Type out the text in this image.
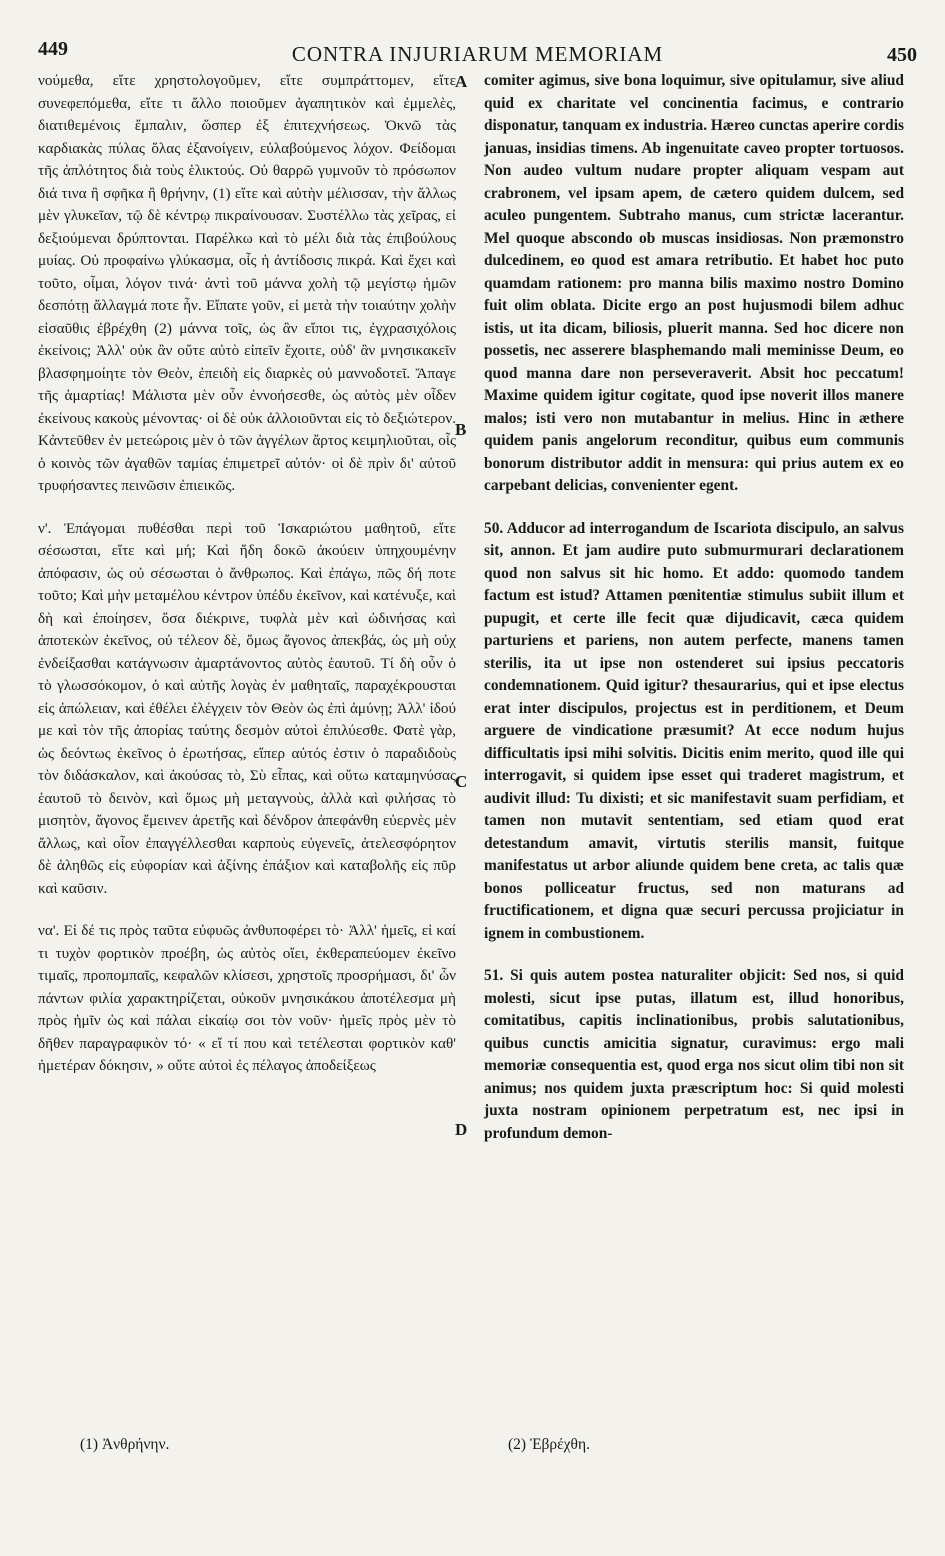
449	CONTRA INJURIARUM MEMORIAM	450

νούμεθα, εἴτε χρηστολογοῦμεν, εἴτε συμπράττομεν, εἴτε συνεφεπόμεθα, εἴτε τι ἄλλο ποιοῦμεν ἀγαπητικὸν καὶ ἐμμελὲς, διατιθεμένοις ἔμπαλιν, ὥσπερ ἐξ ἐπιτεχνήσεως. Ὀκνῶ τὰς καρδιακὰς πύλας ὅλας ἐξανοίγειν, εὐλαβούμενος λόχον. Φείδομαι τῆς ἁπλότητος διὰ τοὺς ἑλικτούς. Οὐ θαρρῶ γυμνοῦν τὸ πρόσωπον διά τινα ἢ σφῆκα ἢ θρήνην, (1) εἴτε καὶ αὐτὴν μέλισσαν, τὴν ἄλλως μὲν γλυκεῖαν, τῷ δὲ κέντρῳ πικραίνουσαν. Συστέλλω τὰς χεῖρας, εἰ δεξιούμεναι δρύπτονται. Παρέλκω καὶ τὸ μέλι διὰ τὰς ἐπιβούλους μυίας. Οὐ προφαίνω γλύκασμα, οἷς ἡ ἀντίδοσις πικρά. Καὶ ἔχει καὶ τοῦτο, οἶμαι, λόγον τινά· ἀντὶ τοῦ μάννα χολὴ τῷ μεγίστῳ ἡμῶν δεσπότῃ ἄλλαγμά ποτε ἦν. Εἴπατε γοῦν, εἰ μετὰ τὴν τοιαύτην χολὴν εἰσαῦθις ἐβρέχθη (2) μάννα τοῖς, ὡς ἂν εἴποι τις, ἐγχρασιχόλοις ἐκείνοις; Ἀλλ' οὐκ ἂν οὔτε αὐτὸ εἰπεῖν ἔχοιτε, οὐδ' ἂν μνησικακεῖν βλασφημοίητε τὸν Θεὸν, ἐπειδὴ εἰς διαρκὲς οὐ μαννοδοτεῖ. Ἄπαγε τῆς ἁμαρτίας! Μάλιστα μὲν οὖν ἐννοήσεσθε, ὡς αὐτὸς μὲν οἶδεν ἐκείνους κακοὺς μένοντας· οἱ δὲ οὐκ ἀλλοιοῦνται εἰς τὸ δεξιώτερον. Κἀντεῦθεν ἐν μετεώροις μὲν ὁ τῶν ἀγγέλων ἄρτος κειμηλιοῦται, οἷς ὁ κοινὸς τῶν ἀγαθῶν ταμίας ἐπιμετρεῖ αὐτόν· οἱ δὲ πρὶν δι' αὐτοῦ τρυφήσαντες πεινῶσιν ἐπιεικῶς.

ν'. Ἐπάγομαι πυθέσθαι περὶ τοῦ Ἰσκαριώτου μαθητοῦ, εἴτε σέσωσται, εἴτε καὶ μή; Καὶ ἤδη δοκῶ ἀκούειν ὑπηχουμένην ἀπόφασιν, ὡς οὐ σέσωσται ὁ ἄνθρωπος. Καὶ ἐπάγω, πῶς δή ποτε τοῦτο; Καὶ μὴν μεταμέλου κέντρον ὑπέδυ ἐκεῖνον, καὶ κατένυξε, καὶ δὴ καὶ ἐποίησεν, ὅσα διέκρινε, τυφλὰ μὲν καὶ ὠδινήσας καὶ ἀποτεκὼν ἐκεῖνος, οὐ τέλεον δὲ, ὅμως ἄγονος ἀπεκβάς, ὡς μὴ οὐχ ἐνδείξασθαι κατάγνωσιν ἁμαρτάνοντος αὐτὸς ἑαυτοῦ. Τί δὴ οὖν ὁ τὸ γλωσσόκομον, ὁ καὶ αὐτῆς λογὰς ἐν μαθηταῖς, παραχέκρουσται εἰς ἀπώλειαν, καὶ ἐθέλει ἐλέγχειν τὸν Θεὸν ὡς ἐπὶ ἀμύνῃ; Ἀλλ' ἰδού με καὶ τὸν τῆς ἀπορίας ταύτης δεσμὸν αὐτοὶ ἐπιλύεσθε. Φατὲ γὰρ, ὡς δεόντως ἐκεῖνος ὁ ἐρωτήσας, εἴπερ αὐτός ἐστιν ὁ παραδιδοὺς τὸν διδάσκαλον, καὶ ἀκούσας τὸ, Σὺ εἶπας, καὶ οὕτω καταμηνύσας ἑαυτοῦ τὸ δεινὸν, καὶ ὅμως μὴ μεταγνοὺς, ἀλλὰ καὶ φιλήσας τὸ μισητὸν, ἄγονος ἔμεινεν ἀρετῆς καὶ δένδρον ἀπεφάνθη εὐερνὲς μὲν ἄλλως, καὶ οἷον ἐπαγγέλλεσθαι καρποὺς εὐγενεῖς, ἀτελεσφόρητον δὲ ἀληθῶς εἰς εὐφορίαν καὶ ἀξίνης ἐπάξιον καὶ καταβολῆς εἰς πῦρ καὶ καῦσιν.

να'. Εἰ δέ τις πρὸς ταῦτα εὐφυῶς ἀνθυποφέρει τὸ· Ἀλλ' ἡμεῖς, εἰ καί τι τυχὸν φορτικὸν προέβη, ὡς αὐτὸς οἴει, ἐκθεραπεύομεν ἐκεῖνο τιμαῖς, προπομπαῖς, κεφαλῶν κλίσεσι, χρηστοῖς προσρήμασι, δι' ὧν πάντων φιλία χαρακτηρίζεται, οὐκοῦν μνησικάκου ἀποτέλεσμα μὴ πρὸς ἡμῖν ὡς καὶ πάλαι εἰκαίῳ σοι τὸν νοῦν· ἡμεῖς πρὸς μὲν τὸ δῆθεν παραγραφικὸν τό· « εἴ τί που καὶ τετέλεσται φορτικὸν καθ' ἡμετέραν δόκησιν, » οὔτε αὐτοὶ ἐς πέλαγος ἀποδείξεως

A
B
C
D

comiter agimus, sive bona loquimur, sive opitulamur, sive aliud quid ex charitate vel concinentia facimus, e contrario disponatur, tanquam ex industria. Hæreo cunctas aperire cordis januas, insidias timens. Ab ingenuitate caveo propter tortuosos. Non audeo vultum nudare propter aliquam vespam aut crabronem, vel ipsam apem, de cætero quidem dulcem, sed aculeo pungentem. Subtraho manus, cum strictæ lacerantur. Mel quoque abscondo ob muscas insidiosas. Non præmonstro dulcedinem, eo quod est amara retributio. Et habet hoc puto quamdam rationem: pro manna bilis maximo nostro Domino fuit olim oblata. Dicite ergo an post hujusmodi bilem adhuc istis, ut ita dicam, biliosis, pluerit manna. Sed hoc dicere non possetis, nec asserere blasphemando mali meminisse Deum, eo quod manna dare non perseveraverit. Absit hoc peccatum! Maxime quidem igitur cogitate, quod ipse noverit illos manere malos; isti vero non mutabantur in melius. Hinc in æthere quidem panis angelorum reconditur, quibus eum communis bonorum distributor addit in mensura: qui prius autem ex eo carpebant delicias, convenienter egent.

50. Adducor ad interrogandum de Iscariota discipulo, an salvus sit, annon. Et jam audire puto submurmurari declarationem quod non salvus sit hic homo. Et addo: quomodo tandem factum est istud? Attamen pœnitentiæ stimulus subiit illum et pupugit, et certe ille fecit quæ dijudicavit, cæca quidem parturiens et pariens, non autem perfecte, manens tamen sterilis, ita ut ipse non ostenderet sui ipsius peccatoris condemnationem. Quid igitur? thesaurarius, qui et ipse electus erat inter discipulos, projectus est in perditionem, et Deum arguere de vindicatione præsumit? At ecce nodum hujus difficultatis ipsi mihi solvitis. Dicitis enim merito, quod ille qui interrogavit, si quidem ipse esset qui traderet magistrum, et audivit illud: Tu dixisti; et sic manifestavit suam perfidiam, et tamen non mutavit sententiam, sed etiam quod erat detestandum amavit, virtutis sterilis mansit, fuitque manifestatus ut arbor aliunde quidem bene creta, ac talis quæ bonos polliceatur fructus, sed non maturans ad fructificationem, et digna quæ securi percussa projiciatur in ignem in combustionem.

51. Si quis autem postea naturaliter objicit: Sed nos, si quid molesti, sicut ipse putas, illatum est, illud honoribus, comitatibus, capitis inclinationibus, probis salutationibus, quibus cunctis amicitia signatur, curavimus: ergo mali memoriæ consequentia est, quod erga nos sicut olim tibi non sit animus; nos quidem juxta præscriptum hoc: Si quid molesti juxta nostram opinionem perpetratum est, nec ipsi in profundum demon-

(1) Ἀνθρήνην.	(2) Ἐβρέχθη.
